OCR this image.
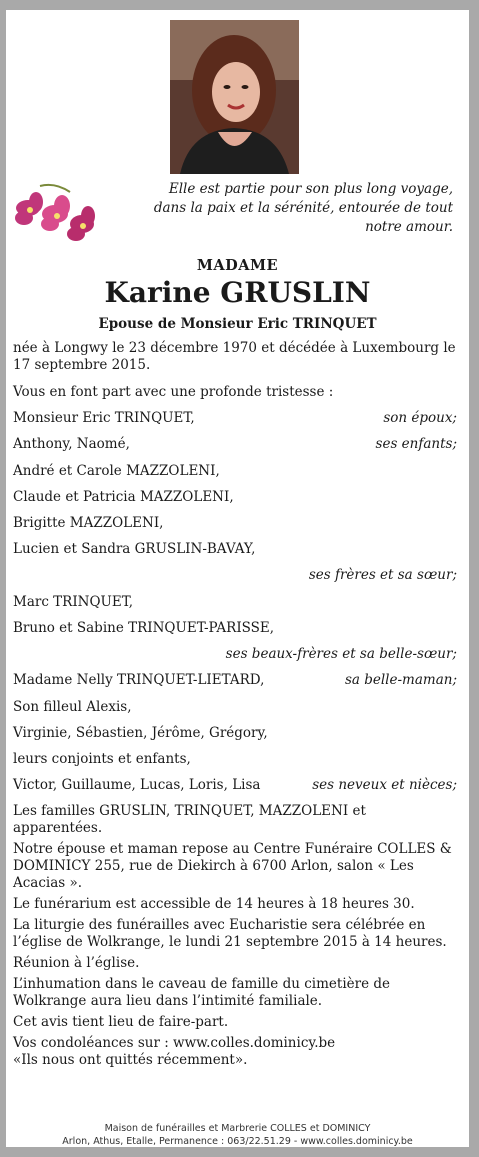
Elle est partie pour son plus long voyage,
dans la paix et la sérénité, entourée de tout
notre amour.
MADAME
Karine GRUSLIN
Epouse de Monsieur Eric TRINQUET

née à Longwy le 23 décembre 1970 et décédée à Luxembourg le 17 septembre 2015.

Vous en font part avec une profonde tristesse :

Monsieur Eric TRINQUET,	son époux;
Anthony, Naomé,	ses enfants;

André et Carole MAZZOLENI,

Claude et Patricia MAZZOLENI,

Brigitte MAZZOLENI,

Lucien et Sandra GRUSLIN-BAVAY,

ses frères et sa sœur;

Marc TRINQUET,

Bruno et Sabine TRINQUET-PARISSE,

ses beaux-frères et sa belle-sœur;

Madame Nelly TRINQUET-LIETARD,	sa belle-maman;

Son filleul Alexis,

Virginie, Sébastien, Jérôme, Grégory,

leurs conjoints et enfants,

Victor, Guillaume, Lucas, Loris, Lisa	ses neveux et nièces;

Les familles GRUSLIN, TRINQUET, MAZZOLENI et apparentées.

Notre épouse et maman repose au Centre Funéraire COLLES & DOMINICY 255, rue de Diekirch à 6700 Arlon, salon « Les Acacias ».

Le funérarium est accessible de 14 heures à 18 heures 30.

La liturgie des funérailles avec Eucharistie sera célébrée en l’église de Wolkrange, le lundi 21 septembre 2015 à 14 heures.

Réunion à l’église.

L’inhumation dans le caveau de famille du cimetière de Wolkrange aura lieu dans l’intimité familiale.

Cet avis tient lieu de faire-part.

Vos condoléances sur : www.colles.dominicy.be

«Ils nous ont quittés récemment».

Maison de funérailles et Marbrerie COLLES et DOMINICY
Arlon, Athus, Etalle, Permanence : 063/22.51.29 - www.colles.dominicy.be
